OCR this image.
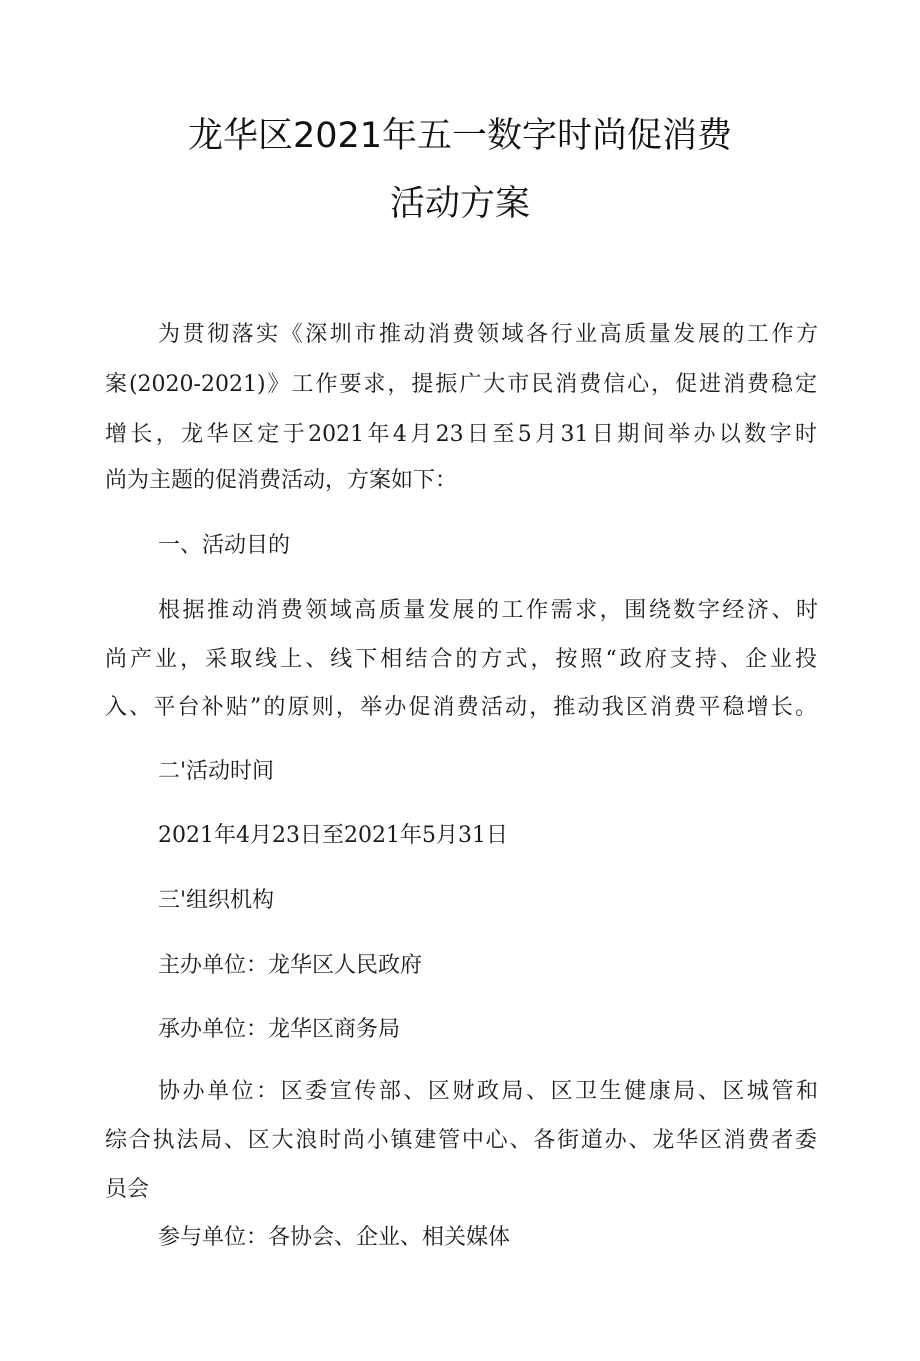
龙华区2021年五一数字时尚促消费
活动方案
为贯彻落实《深圳市推动消费领域各行业高质量发展的工作方
案(2020-2021)》工作要求，提振广大市民消费信心，促进消费稳定
增长，龙华区定于2021年4月23日至5月31日期间举办以数字时
尚为主题的促消费活动，方案如下：
一、活动目的
根据推动消费领域高质量发展的工作需求，围绕数字经济、时
尚产业，采取线上、线下相结合的方式，按照“政府支持、企业投
入、平台补贴”的原则，举办促消费活动，推动我区消费平稳增长。
二'活动时间
2021年4月23日至2021年5月31日
三'组织机构
主办单位：龙华区人民政府
承办单位：龙华区商务局
协办单位：区委宣传部、区财政局、区卫生健康局、区城管和
综合执法局、区大浪时尚小镇建管中心、各街道办、龙华区消费者委
员会
参与单位：各协会、企业、相关媒体
